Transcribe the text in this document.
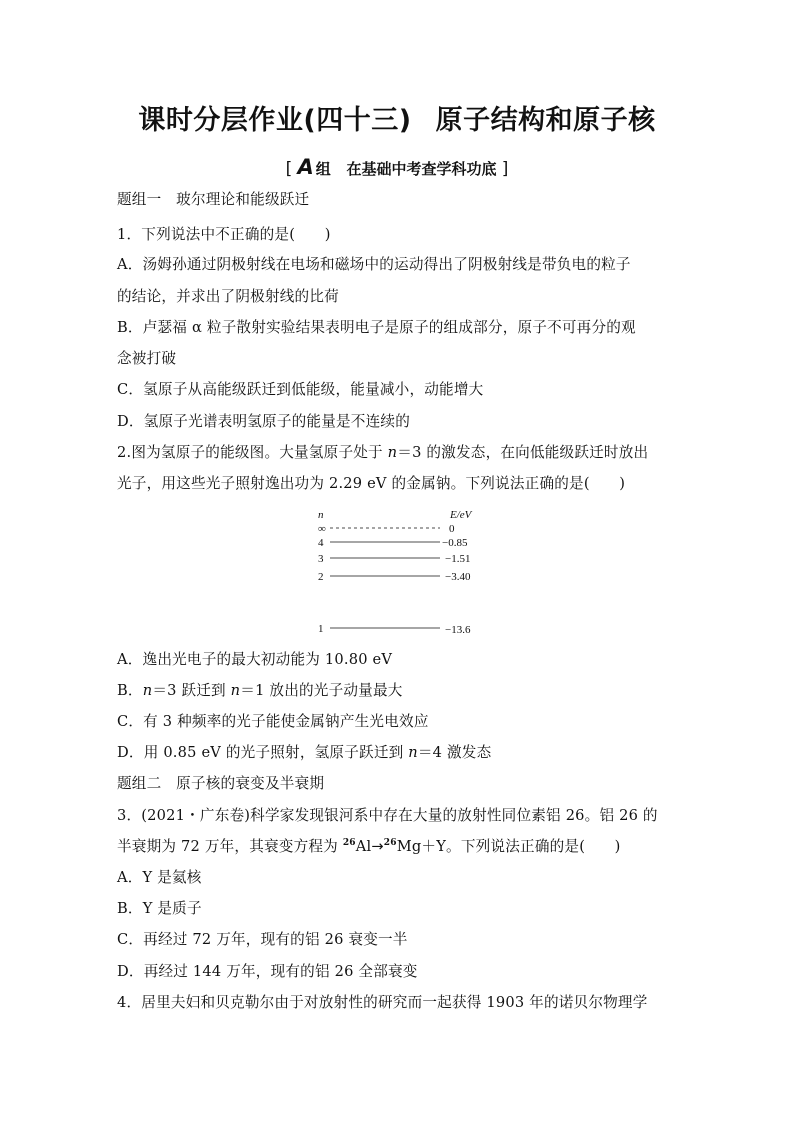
课时分层作业(四十三) 原子结构和原子核
[ A 组 在基础中考查学科功底 ]
题组一　玻尔理论和能级跃迁
1．下列说法中不正确的是(　　)
A．汤姆孙通过阴极射线在电场和磁场中的运动得出了阴极射线是带负电的粒子
的结论，并求出了阴极射线的比荷
B．卢瑟福 α 粒子散射实验结果表明电子是原子的组成部分，原子不可再分的观
念被打破
C．氢原子从高能级跃迁到低能级，能量减小，动能增大
D．氢原子光谱表明氢原子的能量是不连续的
2.图为氢原子的能级图。大量氢原子处于 n＝3 的激发态，在向低能级跃迁时放出
光子，用这些光子照射逸出功为 2.29 eV 的金属钠。下列说法正确的是(　　)
n	E/eV
∞	0
4	−0.85
3	−1.51
2	−3.40
1	−13.6
A．逸出光电子的最大初动能为 10.80 eV
B．n＝3 跃迁到 n＝1 放出的光子动量最大
C．有 3 种频率的光子能使金属钠产生光电效应
D．用 0.85 eV 的光子照射，氢原子跃迁到 n＝4 激发态
题组二　原子核的衰变及半衰期
3．(2021・广东卷)科学家发现银河系中存在大量的放射性同位素铝 26。铝 26 的
半衰期为 72 万年，其衰变方程为 $^{26}$Al→$^{26}$Mg＋Y。下列说法正确的是(　　)
A．Y 是氦核
B．Y 是质子
C．再经过 72 万年，现有的铝 26 衰变一半
D．再经过 144 万年，现有的铝 26 全部衰变
4．居里夫妇和贝克勒尔由于对放射性的研究而一起获得 1903 年的诺贝尔物理学
